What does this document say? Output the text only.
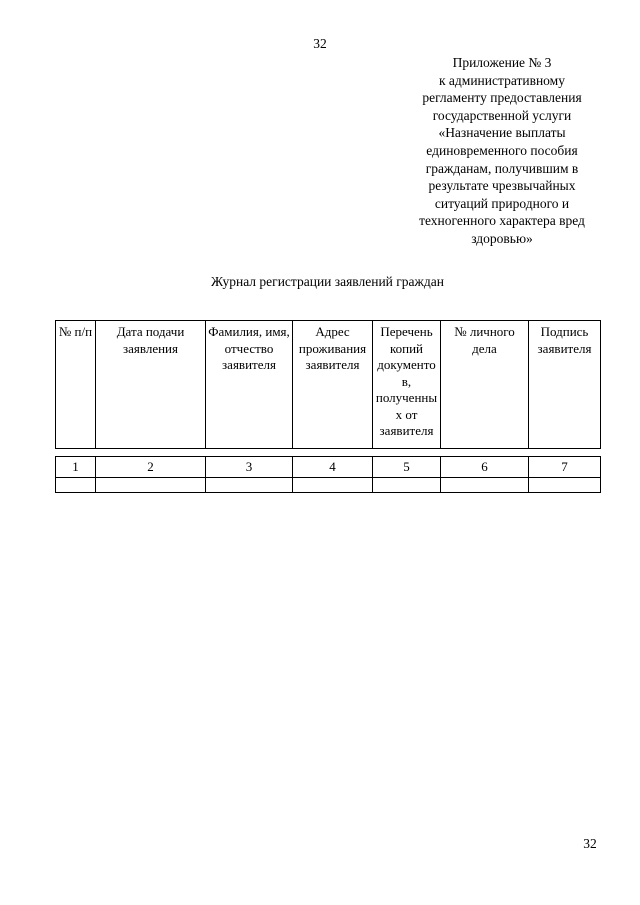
32
Приложение № 3
к административному
регламенту предоставления
государственной услуги
«Назначение выплаты
единовременного пособия
гражданам, получившим в
результате чрезвычайных
ситуаций природного и
техногенного характера вред
здоровью»
Журнал регистрации заявлений граждан
№ п/п	Дата подачи заявления	Фамилия, имя, отчество заявителя	Адрес проживания заявителя	Перечень копий документов, полученных от заявителя	№ личного дела	Подпись заявителя
1	2	3	4	5	6	7

32
